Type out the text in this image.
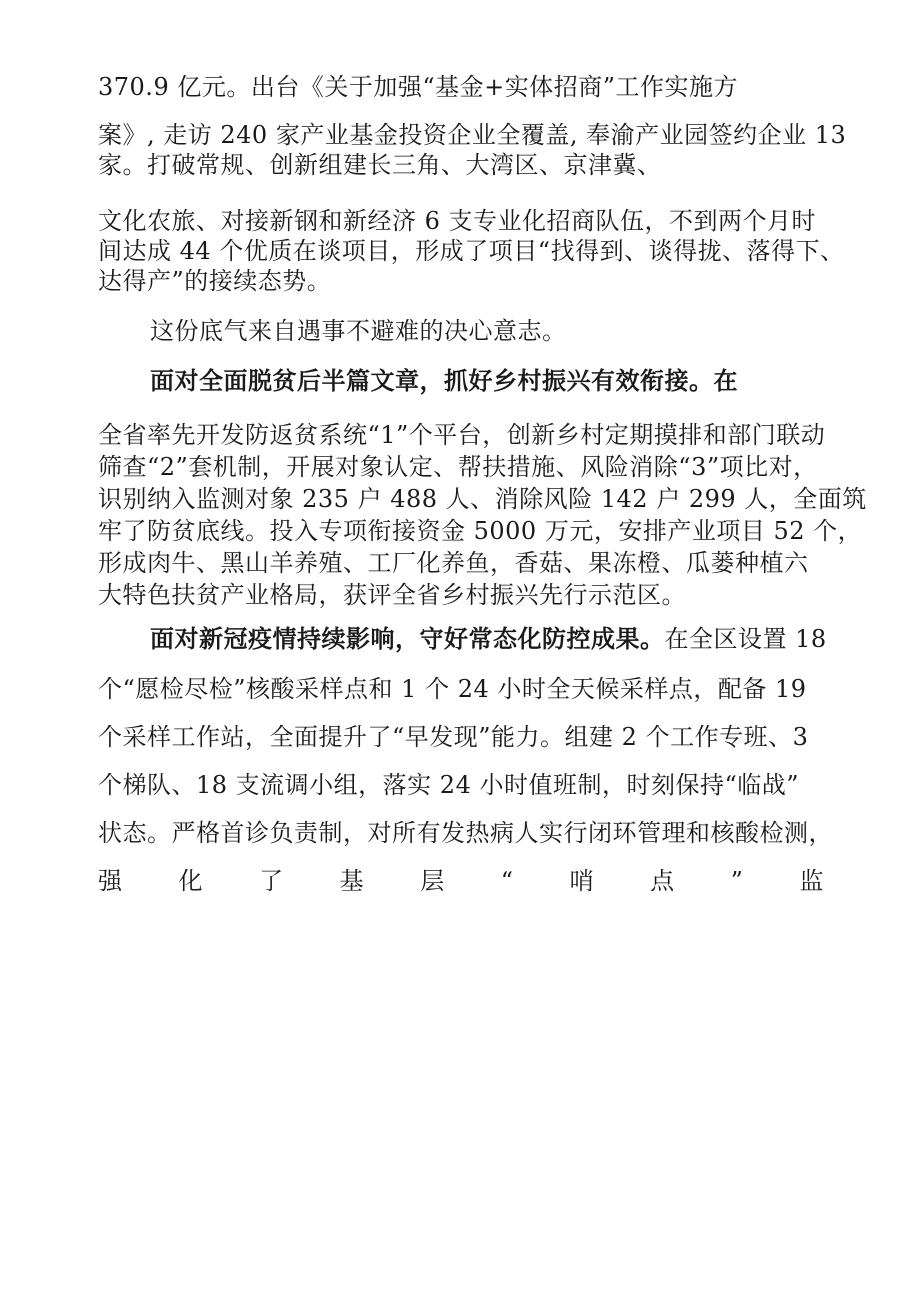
370.9 亿元。出台《关于加强“基金+实体招商”工作实施方
案》, 走访 240 家产业基金投资企业全覆盖, 奉渝产业园签约企业 13
家。打破常规、创新组建长三角、大湾区、京津冀、
文化农旅、对接新钢和新经济 6 支专业化招商队伍，不到两个月时
间达成 44 个优质在谈项目，形成了项目“找得到、谈得拢、落得下、
达得产”的接续态势。
这份底气来自遇事不避难的决心意志。
面对全面脱贫后半篇文章，抓好乡村振兴有效衔接。在
全省率先开发防返贫系统“1”个平台，创新乡村定期摸排和部门联动
筛查“2”套机制，开展对象认定、帮扶措施、风险消除“3”项比对，
识别纳入监测对象 235 户 488 人、消除风险 142 户 299 人，全面筑
牢了防贫底线。投入专项衔接资金 5000 万元，安排产业项目 52 个，
形成肉牛、黑山羊养殖、工厂化养鱼，香菇、果冻橙、瓜蒌种植六
大特色扶贫产业格局，获评全省乡村振兴先行示范区。
面对新冠疫情持续影响，守好常态化防控成果。在全区设置 18
个“愿检尽检”核酸采样点和 1 个 24 小时全天候采样点，配备 19
个采样工作站，全面提升了“早发现”能力。组建 2 个工作专班、3
个梯队、18 支流调小组，落实 24 小时值班制，时刻保持“临战”
状态。严格首诊负责制，对所有发热病人实行闭环管理和核酸检测，
强 化 了 基 层 “ 哨 点 ” 监
